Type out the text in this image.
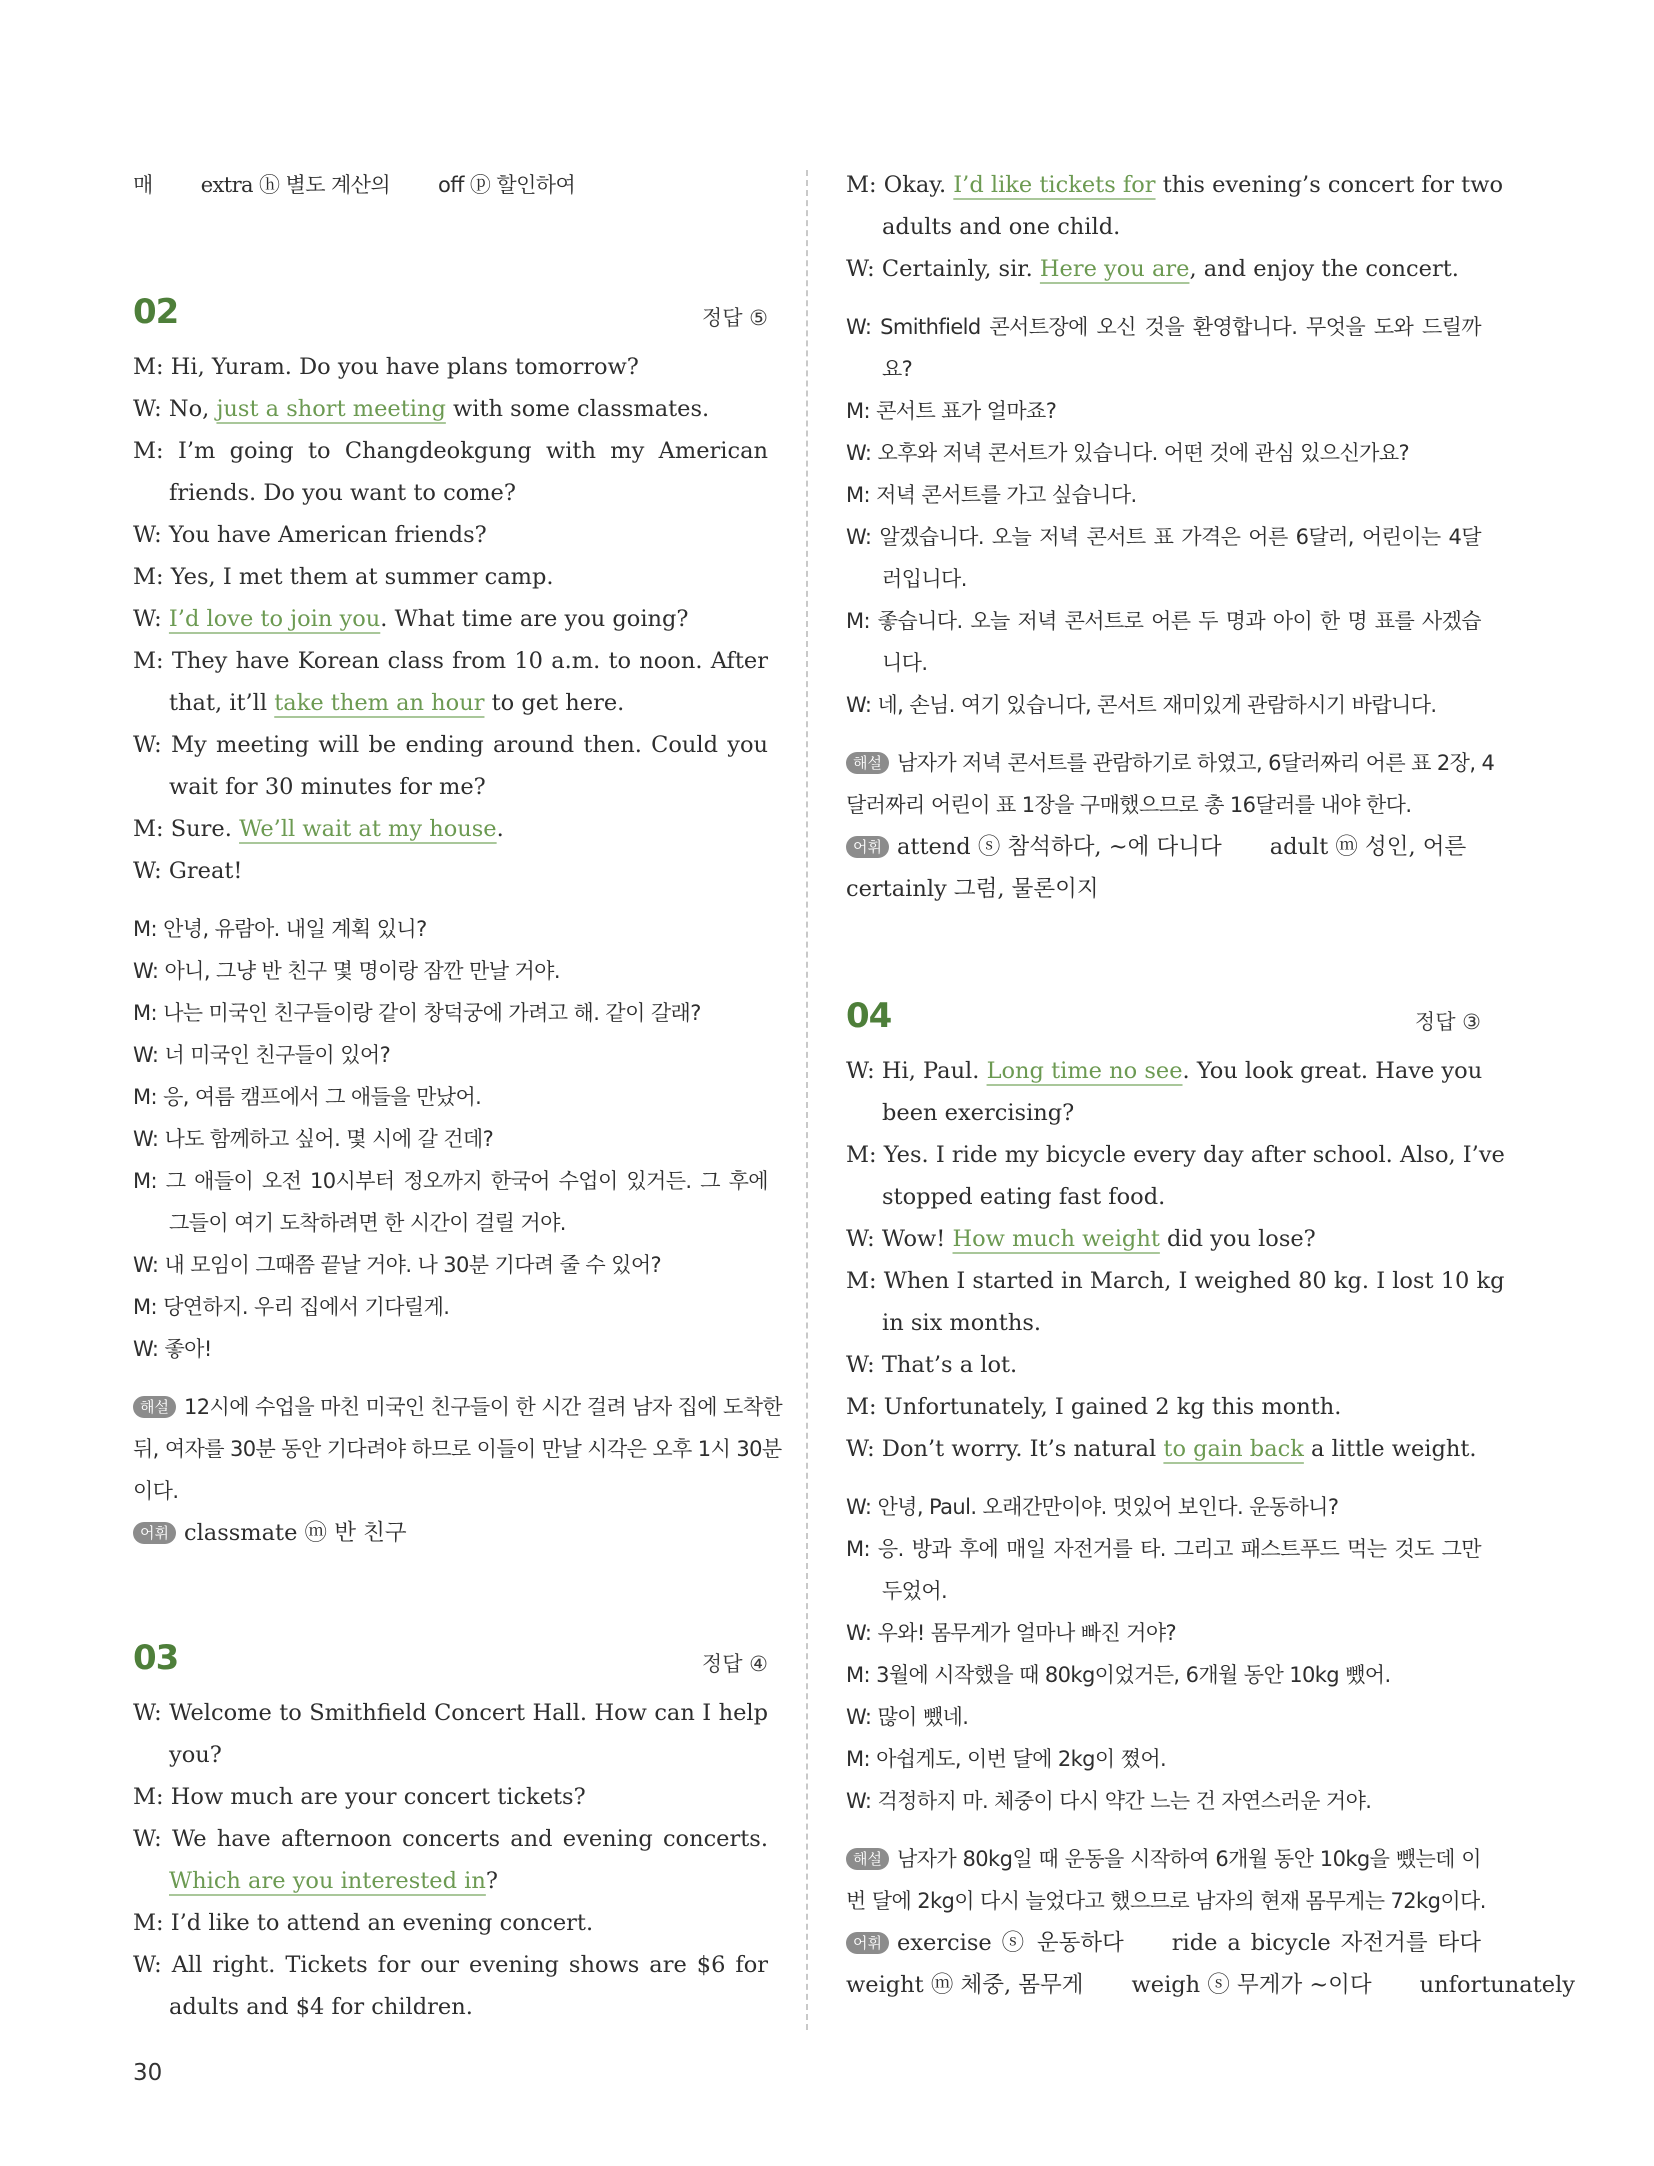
매 extra ⓗ 별도 계산의 off ⓟ 할인하여
02	정답 ⑤
M: Hi, Yuram. Do you have plans tomorrow?
W: No, just a short meeting with some classmates.
M: I’m going to Changdeokgung with my American
friends. Do you want to come?
W: You have American friends?
M: Yes, I met them at summer camp.
W: I’d love to join you. What time are you going?
M: They have Korean class from 10 a.m. to noon. After
that, it’ll take them an hour to get here.
W: My meeting will be ending around then. Could you
wait for 30 minutes for me?
M: Sure. We’ll wait at my house.
W: Great!
M: 안녕, 유람아. 내일 계획 있니?
W: 아니, 그냥 반 친구 몇 명이랑 잠깐 만날 거야.
M: 나는 미국인 친구들이랑 같이 창덕궁에 가려고 해. 같이 갈래?
W: 너 미국인 친구들이 있어?
M: 응, 여름 캠프에서 그 애들을 만났어.
W: 나도 함께하고 싶어. 몇 시에 갈 건데?
M: 그 애들이 오전 10시부터 정오까지 한국어 수업이 있거든. 그 후에
그들이 여기 도착하려면 한 시간이 걸릴 거야.
W: 내 모임이 그때쯤 끝날 거야. 나 30분 기다려 줄 수 있어?
M: 당연하지. 우리 집에서 기다릴게.
W: 좋아!
해설 12시에 수업을 마친 미국인 친구들이 한 시간 걸려 남자 집에 도착한
뒤, 여자를 30분 동안 기다려야 하므로 이들이 만날 시각은 오후 1시 30분
이다.
어휘 classmate ⓜ 반 친구
03	정답 ④
W: Welcome to Smithfield Concert Hall. How can I help
you?
M: How much are your concert tickets?
W: We have afternoon concerts and evening concerts.
Which are you interested in?
M: I’d like to attend an evening concert.
W: All right. Tickets for our evening shows are $6 for
adults and $4 for children.
M: Okay. I’d like tickets for this evening’s concert for two
adults and one child.
W: Certainly, sir. Here you are, and enjoy the concert.
W: Smithfield 콘서트장에 오신 것을 환영합니다. 무엇을 도와 드릴까
요?
M: 콘서트 표가 얼마죠?
W: 오후와 저녁 콘서트가 있습니다. 어떤 것에 관심 있으신가요?
M: 저녁 콘서트를 가고 싶습니다.
W: 알겠습니다. 오늘 저녁 콘서트 표 가격은 어른 6달러, 어린이는 4달
러입니다.
M: 좋습니다. 오늘 저녁 콘서트로 어른 두 명과 아이 한 명 표를 사겠습
니다.
W: 네, 손님. 여기 있습니다, 콘서트 재미있게 관람하시기 바랍니다.
해설 남자가 저녁 콘서트를 관람하기로 하였고, 6달러짜리 어른 표 2장, 4
달러짜리 어린이 표 1장을 구매했으므로 총 16달러를 내야 한다.
어휘 attend ⓢ 참석하다, ~에 다니다 adult ⓜ 성인, 어른
certainly 그럼, 물론이지
04	정답 ③
W: Hi, Paul. Long time no see. You look great. Have you
been exercising?
M: Yes. I ride my bicycle every day after school. Also, I’ve
stopped eating fast food.
W: Wow! How much weight did you lose?
M: When I started in March, I weighed 80 kg. I lost 10 kg
in six months.
W: That’s a lot.
M: Unfortunately, I gained 2 kg this month.
W: Don’t worry. It’s natural to gain back a little weight.
W: 안녕, Paul. 오래간만이야. 멋있어 보인다. 운동하니?
M: 응. 방과 후에 매일 자전거를 타. 그리고 패스트푸드 먹는 것도 그만
두었어.
W: 우와! 몸무게가 얼마나 빠진 거야?
M: 3월에 시작했을 때 80kg이었거든, 6개월 동안 10kg 뺐어.
W: 많이 뺐네.
M: 아쉽게도, 이번 달에 2kg이 쪘어.
W: 걱정하지 마. 체중이 다시 약간 느는 건 자연스러운 거야.
해설 남자가 80kg일 때 운동을 시작하여 6개월 동안 10kg을 뺐는데 이
번 달에 2kg이 다시 늘었다고 했으므로 남자의 현재 몸무게는 72kg이다.
어휘 exercise ⓢ 운동하다 ride a bicycle 자전거를 타다
weight ⓜ 체중, 몸무게 weigh ⓢ 무게가 ~이다 unfortunately
30
